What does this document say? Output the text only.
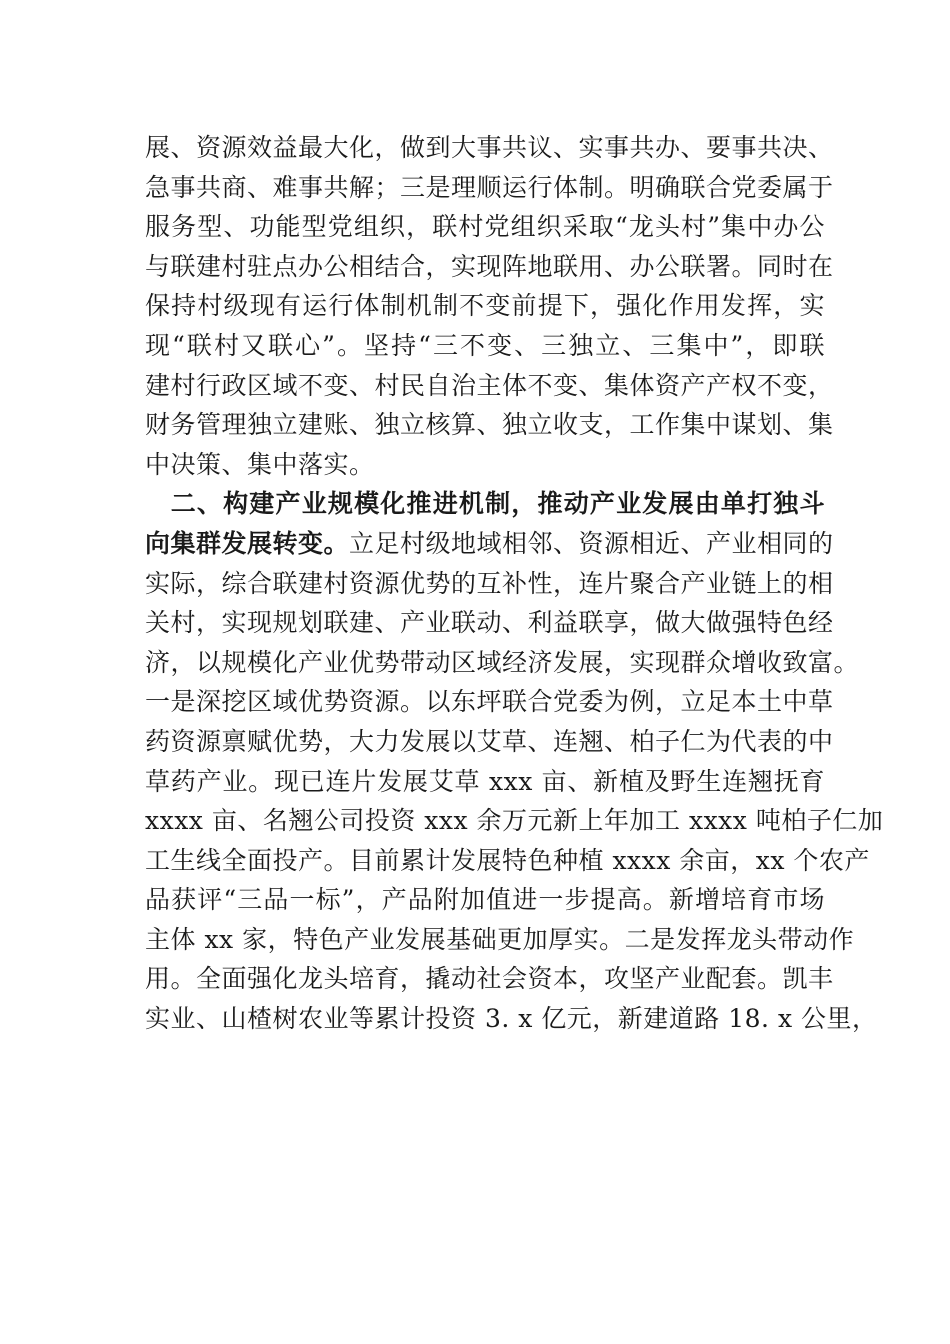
展、资源效益最大化，做到大事共议、实事共办、要事共决、
急事共商、难事共解；三是理顺运行体制。明确联合党委属于
服务型、功能型党组织，联村党组织采取“龙头村”集中办公
与联建村驻点办公相结合，实现阵地联用、办公联署。同时在
保持村级现有运行体制机制不变前提下，强化作用发挥，实
现“联村又联心”。坚持“三不变、三独立、三集中”，即联
建村行政区域不变、村民自治主体不变、集体资产产权不变，
财务管理独立建账、独立核算、独立收支，工作集中谋划、集
中决策、集中落实。
二、构建产业规模化推进机制，推动产业发展由单打独斗
向集群发展转变。立足村级地域相邻、资源相近、产业相同的
实际，综合联建村资源优势的互补性，连片聚合产业链上的相
关村，实现规划联建、产业联动、利益联享，做大做强特色经
济，以规模化产业优势带动区域经济发展，实现群众增收致富。
一是深挖区域优势资源。以东坪联合党委为例，立足本土中草
药资源禀赋优势，大力发展以艾草、连翘、柏子仁为代表的中
草药产业。现已连片发展艾草 xxx 亩、新植及野生连翘抚育
xxxx 亩、名翘公司投资 xxx 余万元新上年加工 xxxx 吨柏子仁加
工生线全面投产。目前累计发展特色种植 xxxx 余亩，xx 个农产
品获评“三品一标”，产品附加值进一步提高。新增培育市场
主体 xx 家，特色产业发展基础更加厚实。二是发挥龙头带动作
用。全面强化龙头培育，撬动社会资本，攻坚产业配套。凯丰
实业、山楂树农业等累计投资 3. x 亿元，新建道路 18. x 公里，
